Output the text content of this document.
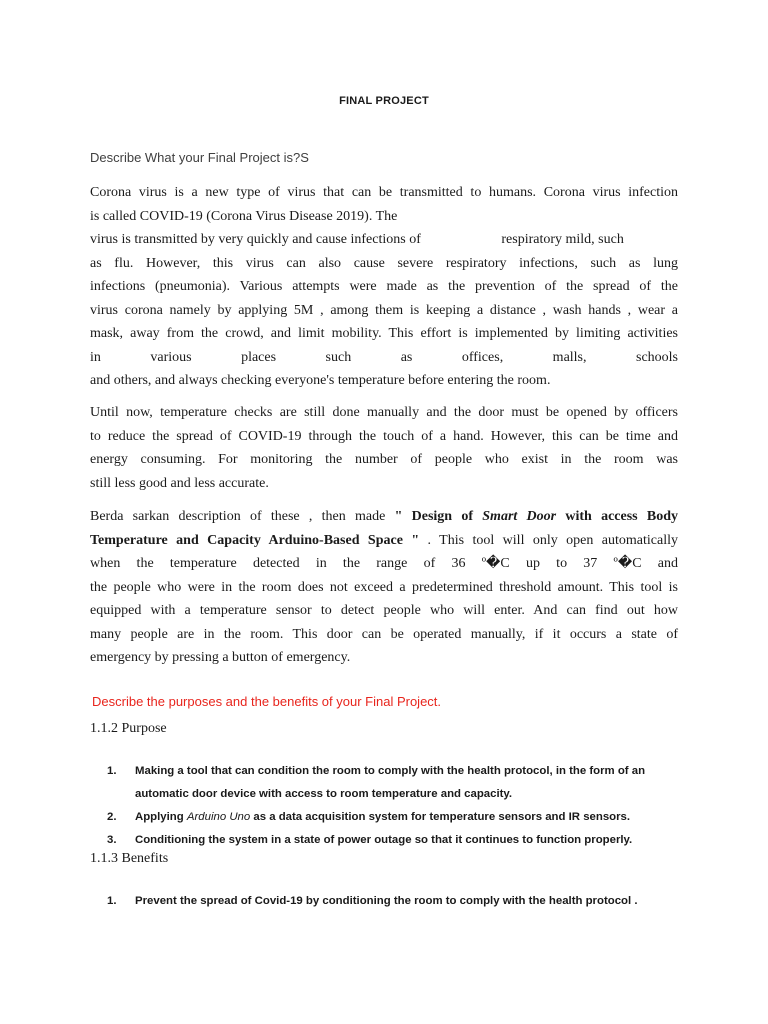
FINAL PROJECT
Describe What your Final Project is?S
Corona virus is a new type of virus that can be transmitted to humans. Corona virus infection
is called COVID-19 (Corona Virus Disease 2019). The
virus is transmitted by very quickly and cause infections of                       respiratory mild, such
as flu. However, this virus can also cause severe respiratory infections, such as lung
infections (pneumonia). Various attempts were made as the prevention of the spread of the
virus corona namely by applying 5M , among them is keeping a distance , wash hands , wear a
mask, away from the crowd, and limit mobility. This effort is implemented by limiting activities
in various places such as offices, malls, schools
and others, and always checking everyone's temperature before entering the room.
Until now, temperature checks are still done manually and the door must be opened by officers
to reduce the spread of COVID-19 through the touch of a hand. However, this can be time and
energy consuming. For monitoring the number of people who exist in the room was
still less good and less accurate.
Berda sarkan description of these , then made " Design of Smart Door with access Body
Temperature and Capacity Arduino-Based Space " . This tool will only open automatically
when the temperature detected in the range of 36 º�C up to 37 º�C and
the people who were in the room does not exceed a predetermined threshold amount. This tool is
equipped with a temperature sensor to detect people who will enter. And can find out how
many people are in the room. This door can be operated manually, if it occurs a state of
emergency by pressing a button of emergency.
Describe the purposes and the benefits of your Final Project.
1.1.2 Purpose
1. Making a tool that can condition the room to comply with the health protocol, in the form of an automatic door device with access to room temperature and capacity.
2. Applying Arduino Uno as a data acquisition system for temperature sensors and IR sensors.
3. Conditioning the system in a state of power outage so that it continues to function properly.
1.1.3 Benefits
1. Prevent the spread of Covid-19 by conditioning the room to comply with the health protocol .
